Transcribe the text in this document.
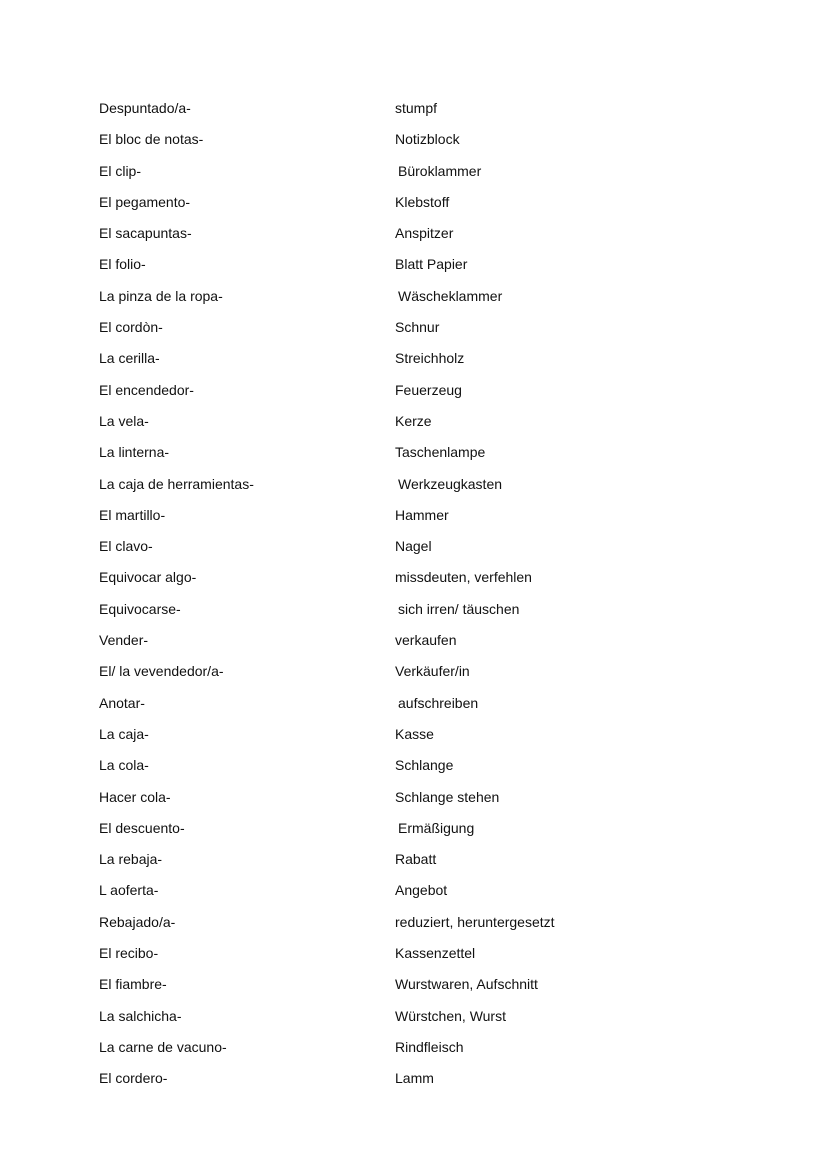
Despuntado/a-	stumpf
El bloc de notas-	Notizblock
El clip-	Büroklammer
El pegamento-	Klebstoff
El sacapuntas-	Anspitzer
El folio-	Blatt Papier
La pinza de la ropa-	Wäscheklammer
El cordòn-	Schnur
La cerilla-	Streichholz
El encendedor-	Feuerzeug
La vela-	Kerze
La linterna-	Taschenlampe
La caja de herramientas-	Werkzeugkasten
El martillo-	Hammer
El clavo-	Nagel
Equivocar algo-	missdeuten, verfehlen
Equivocarse-	sich irren/ täuschen
Vender-	verkaufen
El/ la vevendedor/a-	Verkäufer/in
Anotar-	aufschreiben
La caja-	Kasse
La cola-	Schlange
Hacer cola-	Schlange stehen
El descuento-	Ermäßigung
La rebaja-	Rabatt
L aoferta-	Angebot
Rebajado/a-	reduziert, heruntergesetzt
El recibo-	Kassenzettel
El fiambre-	Wurstwaren, Aufschnitt
La salchicha-	Würstchen, Wurst
La carne de vacuno-	Rindfleisch
El cordero-	Lamm
